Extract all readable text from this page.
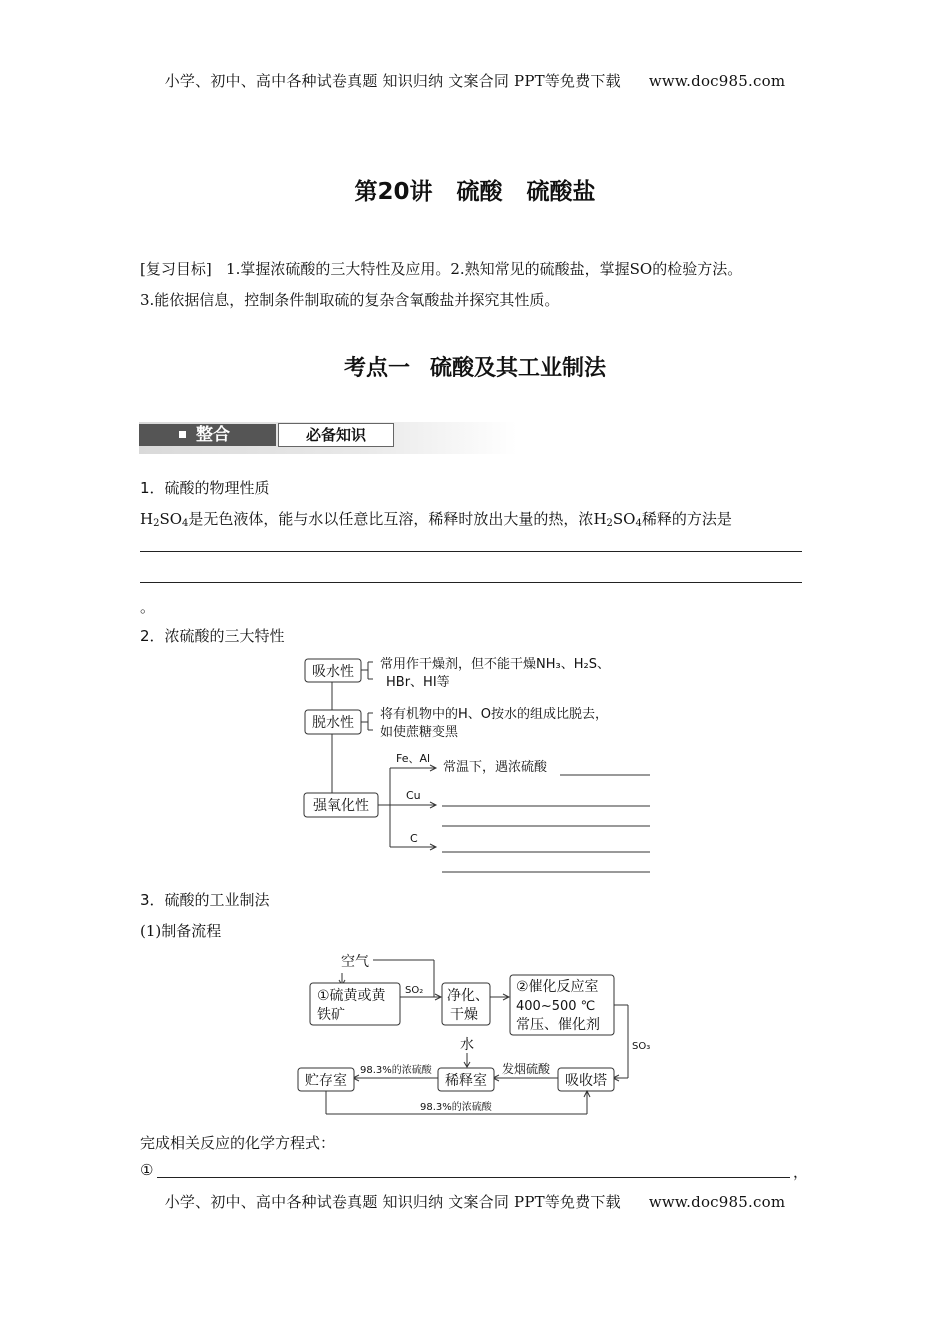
小学、初中、高中各种试卷真题 知识归纳 文案合同 PPT等免费下载 www.doc985.com
第20讲 硫酸 硫酸盐
[复习目标] 1.掌握浓硫酸的三大特性及应用。2.熟知常见的硫酸盐，掌握SO的检验方法。
3.能依据信息，控制条件制取硫的复杂含氧酸盐并探究其性质。
考点一 硫酸及其工业制法
整合	必备知识
1．硫酸的物理性质
$H_2SO_4$是无色液体，能与水以任意比互溶，稀释时放出大量的热，浓$H_2SO_4$稀释的方法是
。
2．浓硫酸的三大特性
吸水性
脱水性
强氧化性
常用作干燥剂，但不能干燥NH₃、H₂S、
HBr、HI等
将有机物中的H、O按水的组成比脱去，
如使蔗糖变黑
Fe、Al
Cu
C
常温下，遇浓硫酸
3．硫酸的工业制法
(1)制备流程
空气
①硫黄或黄
铁矿
SO₂ 净化、
干燥
②催化反应室
400~500 ℃
常压、催化剂
SO₃
吸收塔
发烟硫酸
水
稀释室
98.3%的浓硫酸
贮存室
98.3%的浓硫酸
完成相关反应的化学方程式：
①	，
小学、初中、高中各种试卷真题 知识归纳 文案合同 PPT等免费下载 www.doc985.com
